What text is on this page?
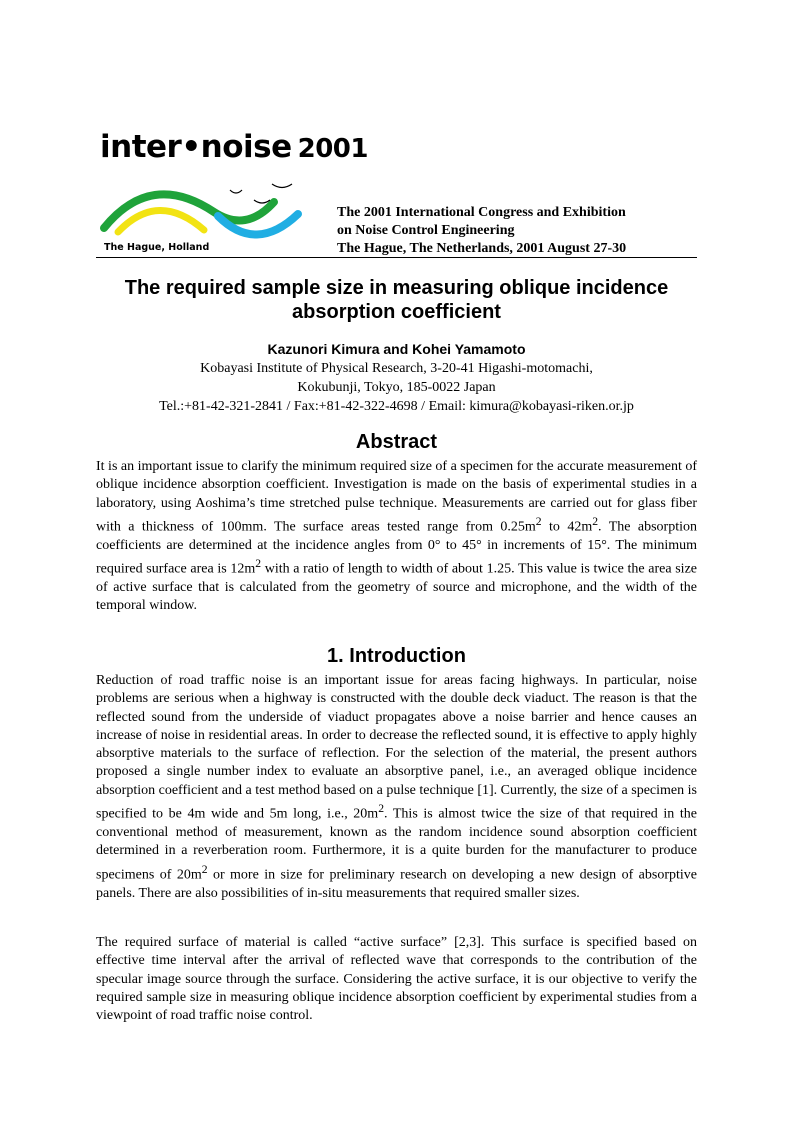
inter•noise 2001
The Hague, Holland
The 2001 International Congress and Exhibition
on Noise Control Engineering
The Hague, The Netherlands, 2001 August 27-30
The required sample size in measuring oblique incidence absorption coefficient
Kazunori Kimura and Kohei Yamamoto
Kobayasi Institute of Physical Research, 3-20-41 Higashi-motomachi,
Kokubunji, Tokyo, 185-0022 Japan
Tel.:+81-42-321-2841 / Fax:+81-42-322-4698 / Email: kimura@kobayasi-riken.or.jp
Abstract
It is an important issue to clarify the minimum required size of a specimen for the accurate measurement of oblique incidence absorption coefficient. Investigation is made on the basis of experimental studies in a laboratory, using Aoshima’s time stretched pulse technique. Measurements are carried out for glass fiber with a thickness of 100mm. The surface areas tested range from $0.25m^2$ to $42m^2$. The absorption coefficients are determined at the incidence angles from 0° to 45° in increments of 15°. The minimum required surface area is $12m^2$ with a ratio of length to width of about 1.25. This value is twice the area size of active surface that is calculated from the geometry of source and microphone, and the width of the temporal window.
1. Introduction
Reduction of road traffic noise is an important issue for areas facing highways. In particular, noise problems are serious when a highway is constructed with the double deck viaduct. The reason is that the reflected sound from the underside of viaduct propagates above a noise barrier and hence causes an increase of noise in residential areas. In order to decrease the reflected sound, it is effective to apply highly absorptive materials to the surface of reflection. For the selection of the material, the present authors proposed a single number index to evaluate an absorptive panel, i.e., an averaged oblique incidence absorption coefficient and a test method based on a pulse technique [1]. Currently, the size of a specimen is specified to be 4m wide and 5m long, i.e., $20m^2$. This is almost twice the size of that required in the conventional method of measurement, known as the random incidence sound absorption coefficient determined in a reverberation room. Furthermore, it is a quite burden for the manufacturer to produce specimens of $20m^2$ or more in size for preliminary research on developing a new design of absorptive panels. There are also possibilities of in-situ measurements that required smaller sizes.
The required surface of material is called “active surface” [2,3]. This surface is specified based on effective time interval after the arrival of reflected wave that corresponds to the contribution of the specular image source through the surface. Considering the active surface, it is our objective to verify the required sample size in measuring oblique incidence absorption coefficient by experimental studies from a viewpoint of road traffic noise control.
